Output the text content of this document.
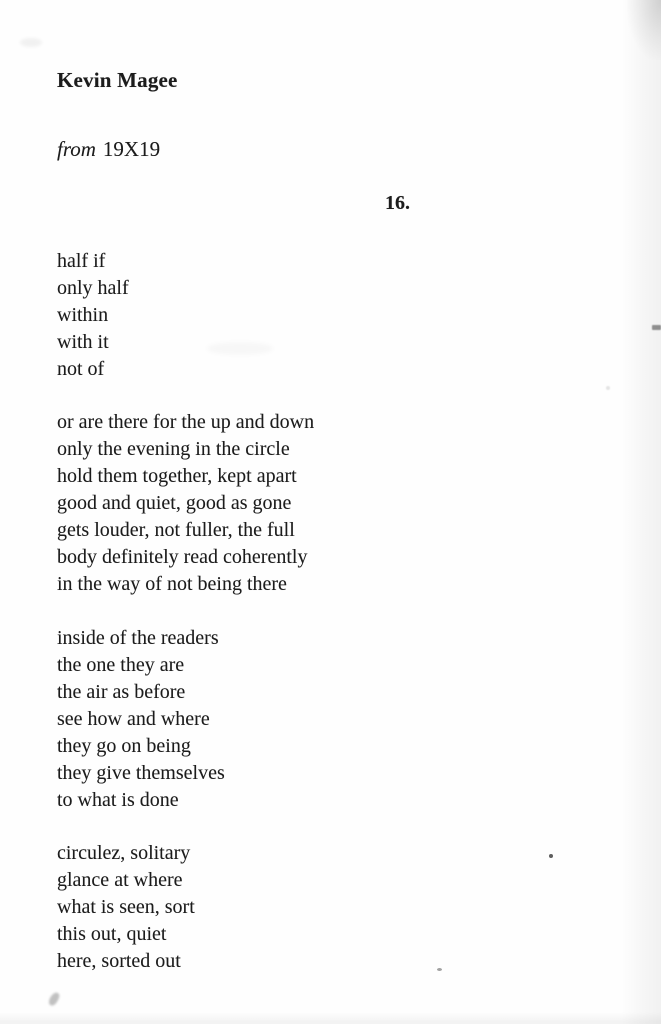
Kevin Magee
from 19X19
16.
half if
only half
within
with it
not of
or are there for the up and down
only the evening in the circle
hold them together, kept apart
good and quiet, good as gone
gets louder, not fuller, the full
body definitely read coherently
in the way of not being there
inside of the readers
the one they are
the air as before
see how and where
they go on being
they give themselves
to what is done
circulez, solitary
glance at where
what is seen, sort
this out, quiet
here, sorted out
